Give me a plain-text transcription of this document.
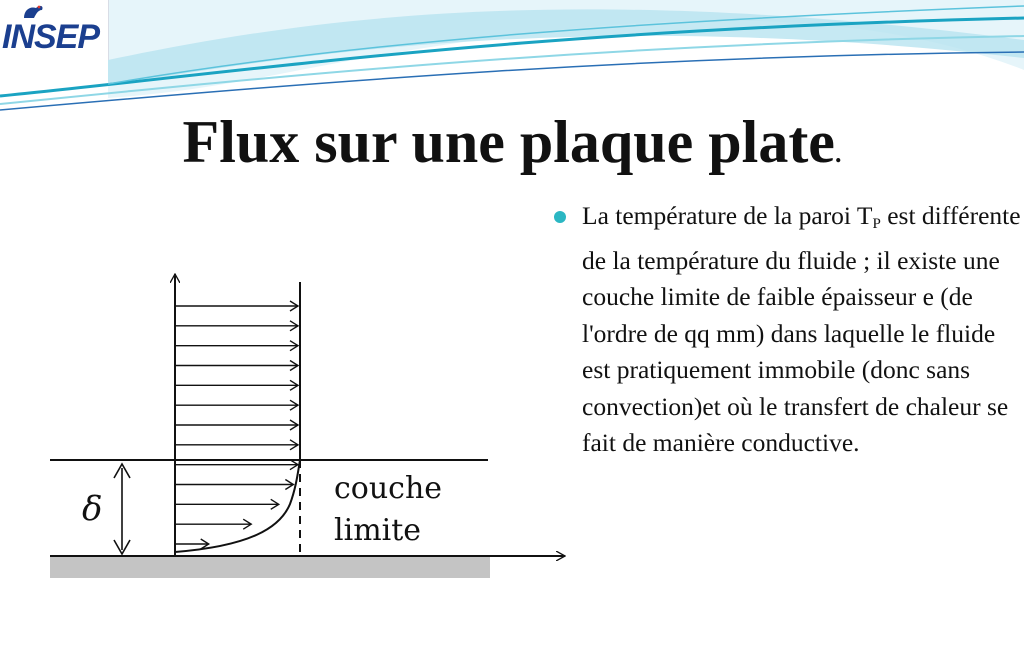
INSEP
Flux sur une plaque plate.
δ
couche
limite
La température de la paroi $T_P$ est différente de la température du fluide ; il existe une couche limite de faible épaisseur e (de l'ordre de qq mm) dans laquelle le fluide est pratiquement immobile (donc sans convection)et où le transfert de chaleur se fait de manière conductive.
